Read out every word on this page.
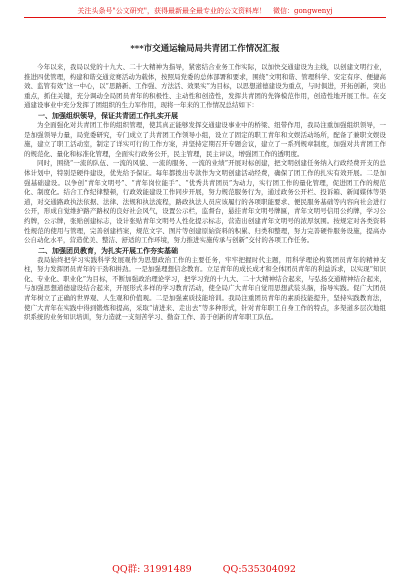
关注头条号"公文研究"，获得最新最全最专业的公文资料库！　微信：gongwenyj
***市交通运输局局共青团工作情况汇报

今年以来，我局以党的十九大、二十大精神为指导，紧密结合业务工作实际，以加快交通建设为主线，以创建文明行业，推进四优管理，构建和谐交通竞赛活动为载体，按照局党委的总体部署和要求，围绕“文明和谐、管理科学、安定有序、便捷高效、监管有效”这一中心，以“思路新、工作强、方法活、效果实”为目标，以思想道德建设为重点，与时俱进，开拓创新，突出重点，抓住关键，充分调动全局团员青年的积极性、主动性和创造性，发挥共青团的先锋模范作用，创造性地开展工作。在交通建设事业中充分发挥了团组织的生力军作用，现将一年来的工作情况总结如下：

一、加强组织领导，保证共青团工作扎实开展

为全面强化对共青团工作的组织管理，使其真正能够发挥交通建设事业中的桥梁、纽带作用，我局注重加强组织领导，一是加强领导力量，局党委研究，专门成立了共青团工作领导小组，设立了固定的职工青年和文娱活动场所，配备了兼职文娱设施，建立了职工活动室，制定了详实可行的工作方案，并坚持定期召开专题会议，建立了一系列规章制度，加强对共青团工作的规范化、量化和标准化管理，全面实行政务公开，民主管理，民主评议，增强团工作的透明度。

同时，围绕“一流的队伍、一流的风貌、一流的服务、一流的业绩”开展对标创建，把文明创建任务纳入行政经费开支的总体计划中，特别是硬件建设，优先给予保证。每年都拨出专款作为文明创建活动经费，确保了团工作的扎实有效开展。二是加强基础建设。以争创“青年文明号”、“青年岗位能手”、“优秀共青团员”为动力，实行团工作的量化管理，促进团工作的规范化、制度化。结合工作纪律整顿，行政效能建设工作同步开展，努力规范服务行为，通过政务公开栏、投诉箱、新闻媒体等渠道，对交通路政执法依据、法律、法规和执法流程，路政执法人员应该履行的各项职能要求、便民服务基础等内容向社会进行公开，形成自觉维护路产路权的良好社会风气，设置公示栏，监督台，悬挂青年文明号牌匾，青年文明号信用公约牌，学习公约牌，公示牌，张贴创建标志，设计张贴青年文明号人性化提示标志，营造出创建青年文明号的浓厚氛围。按规定对各类资料性规范的使用与管理，完善创建档案，规范文字、图片等创建原始资料的积累、归类和整理，努力完善硬件服务设施，提高办公自动化水平，营造优美、整洁、舒适的工作环境，努力推进实施传承与创新”交付的各项工作任务。

二、加强团员教育，为扎实开展工作夯实基础

我局始终把学习实践科学发展观作为思想政治工作的主要任务，牢牢把握时代主题，用科学理论构筑团员青年的精神支柱，努力发挥团员青年的干劲和拼劲。一是加强理想信念教育。立足青年的成长成才和全体团员青年的利益诉求，以实现“知识化、专业化、职业化”为目标，不断加强政治理论学习，把学习党的十九大、二十大精神结合起来，与弘扬交通精神结合起来，与加强思想道德建设结合起来，开展形式多样的学习教育活动，使全局广大青年自觉用思想武装头脑，指导实践。促广大团员青年树立了正确的世界观、人生观和价值观。二是加强素质技能培训。我局注重团员青年的素质技能提升，坚持实践教育法，使广大青年在实践中得到锻炼和提高，采取“请进来、走出去”等多种形式，针对青年职工自身工作的特点，多渠道多层次地组织系统的业务知识培训，努力造就一支刻苦学习、勤奋工作、善于创新的青年职工队伍。

QQ群: 31991489	QQ:535304092
